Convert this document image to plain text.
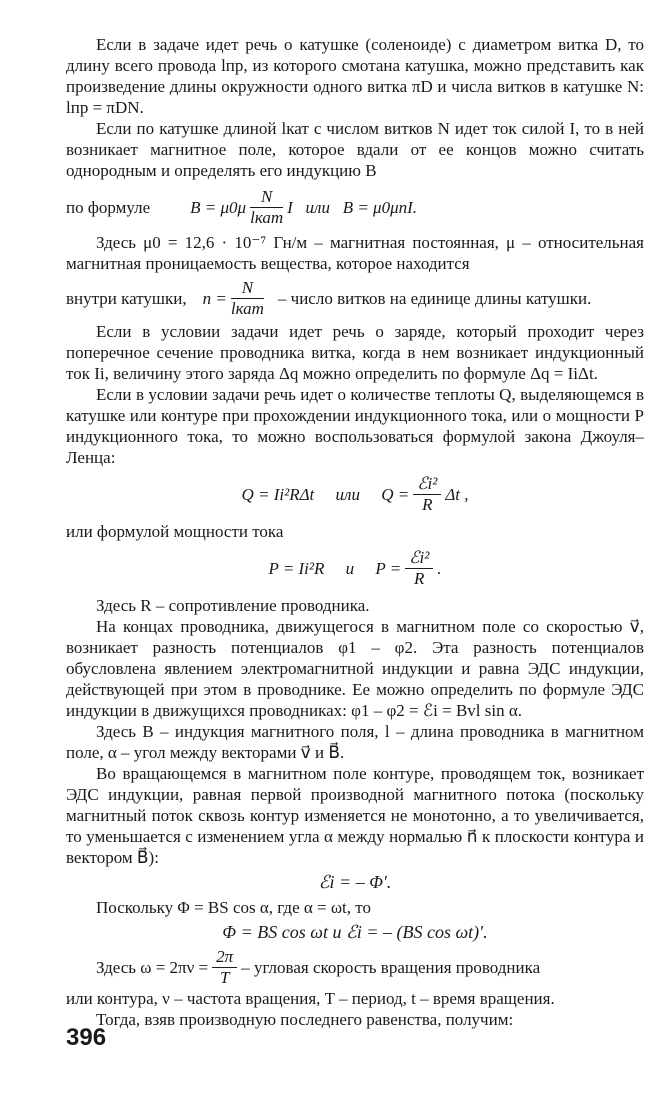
Если в задаче идет речь о катушке (соленоиде) с диаметром витка D, то длину всего провода lпр, из которого смотана катушка, можно представить как произведение длины окружности одного витка πD и числа витков в катушке N: lпр = πDN.

Если по катушке длиной lкат с числом витков N идет ток силой I, то в ней возникает магнитное поле, которое вдали от ее концов можно считать однородным и определять его индукцию B

по формуле $B = \mu 0\mu \frac{N}{\text{lкат}}$ I   или   B = μ0μnI.

Здесь μ0 = 12,6 · 10⁻⁷ Гн/м – магнитная постоянная, μ – относительная магнитная проницаемость вещества, которое находится

внутри катушки, $n = \frac{N}{\text{lкат}}$ – число витков на единице длины катушки.

Если в условии задачи идет речь о заряде, который проходит через поперечное сечение проводника витка, когда в нем возникает индукционный ток Ii, величину этого заряда Δq можно определить по формуле Δq = IiΔt.

Если в условии задачи речь идет о количестве теплоты Q, выделяющемся в катушке или контуре при прохождении индукционного тока, или о мощности P индукционного тока, то можно воспользоваться формулой закона Джоуля–Ленца:

Q = Ii²RΔt     или     $Q = \frac{\text{ℰi²}}{R}$ Δt ,

или формулой мощности тока

P = Ii²R     и     $P = \frac{\text{ℰi²}}{R}$ .

Здесь R – сопротивление проводника.

На концах проводника, движущегося в магнитном поле со скоростью v⃗, возникает разность потенциалов φ1 – φ2. Эта разность потенциалов обусловлена явлением электромагнитной индукции и равна ЭДС индукции, действующей при этом в проводнике. Ее можно определить по формуле ЭДС индукции в движущихся проводниках: φ1 – φ2 = ℰi = Bvl sin α.

Здесь B – индукция магнитного поля, l – длина проводника в магнитном поле, α – угол между векторами v⃗ и B⃗.

Во вращающемся в магнитном поле контуре, проводящем ток, возникает ЭДС индукции, равная первой производной магнитного потока (поскольку магнитный поток сквозь контур изменяется не монотонно, а то увеличивается, то уменьшается с изменением угла α между нормалью n⃗ к плоскости контура и вектором B⃗):

ℰi = – Φ′.

Поскольку Φ = BS cos α, где α = ωt, то

Φ = BS cos ωt и ℰi = – (BS cos ωt)′.
Здесь $\omega = 2\pi\nu = \frac{2\pi}{T}$ – угловая скорость вращения проводника

или контура, ν – частота вращения, T – период, t – время вращения.

Тогда, взяв производную последнего равенства, получим:

396
